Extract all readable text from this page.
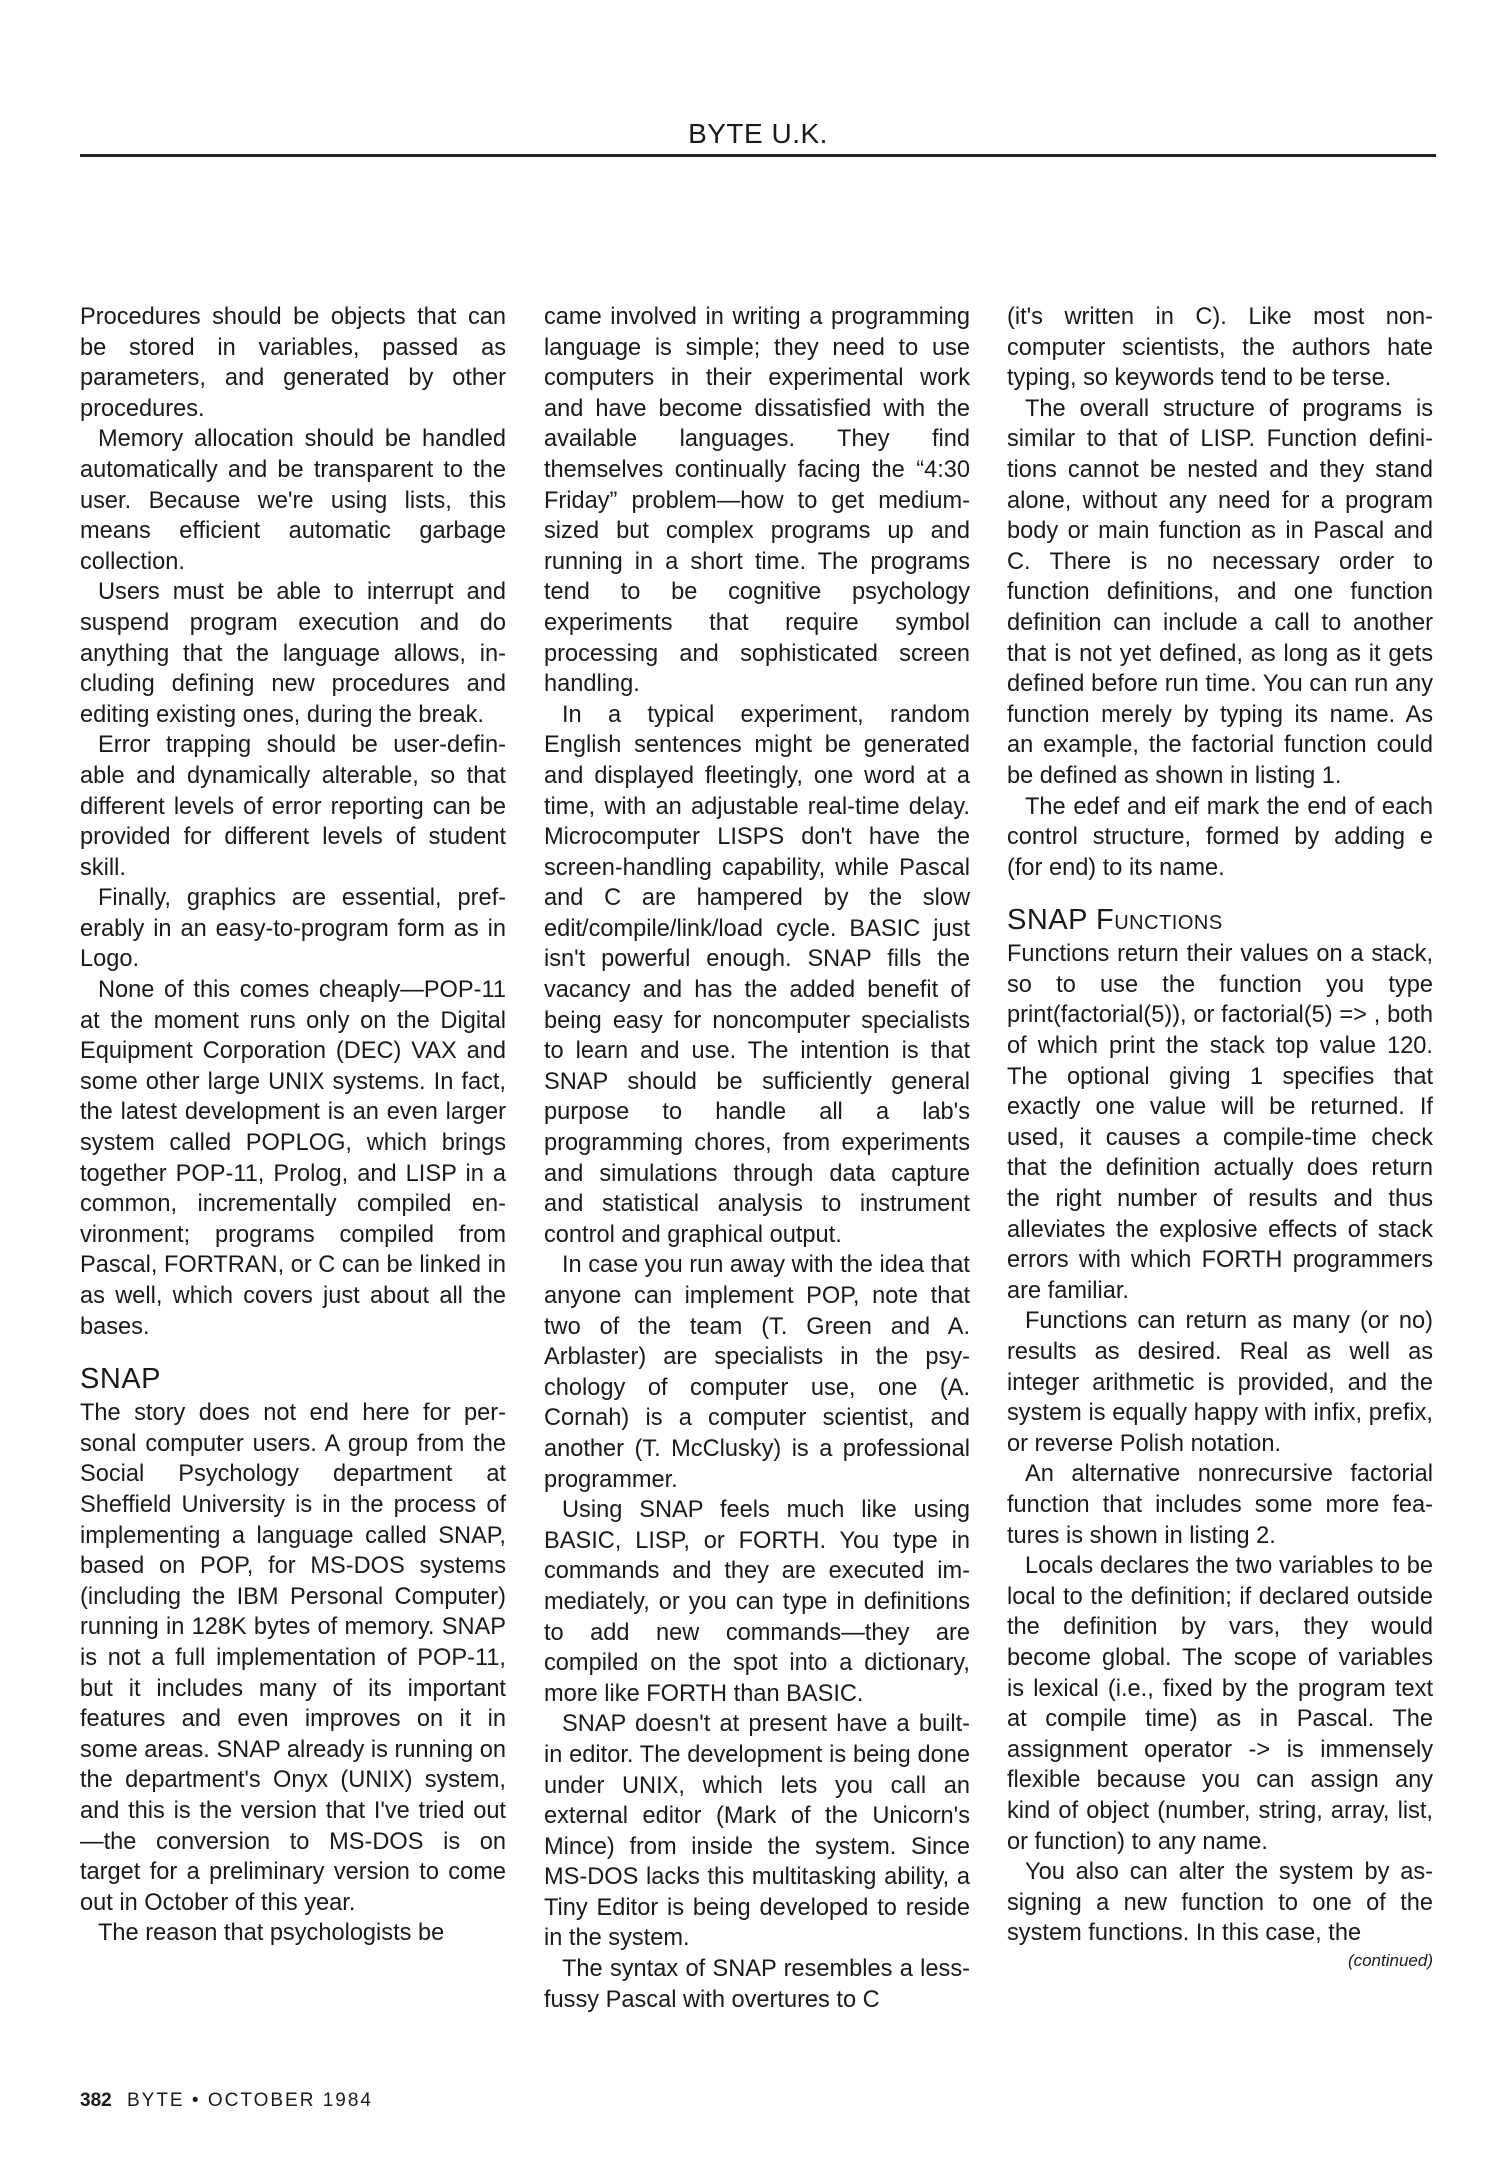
BYTE U.K.

Procedures should be objects that can be stored in variables, passed as parameters, and generated by other procedures.

Memory allocation should be handled automatically and be transparent to the user. Because we're using lists, this means efficient automatic garbage collection.

Users must be able to interrupt and suspend program execution and do anything that the language allows, including defining new procedures and editing existing ones, during the break.

Error trapping should be user-definable and dynamically alterable, so that different levels of error reporting can be provided for different levels of student skill.

Finally, graphics are essential, preferably in an easy-to-program form as in Logo.

None of this comes cheaply—POP-11 at the moment runs only on the Digital Equipment Corporation (DEC) VAX and some other large UNIX systems. In fact, the latest development is an even larger system called POPLOG, which brings together POP-11, Prolog, and LISP in a common, incrementally compiled environment; programs compiled from Pascal, FORTRAN, or C can be linked in as well, which covers just about all the bases.

SNAP

The story does not end here for personal computer users. A group from the Social Psychology department at Sheffield University is in the process of implementing a language called SNAP, based on POP, for MS-DOS systems (including the IBM Personal Computer) running in 128K bytes of memory. SNAP is not a full implementation of POP-11, but it includes many of its important features and even improves on it in some areas. SNAP already is running on the department's Onyx (UNIX) system, and this is the version that I've tried out—the conversion to MS-DOS is on target for a preliminary version to come out in October of this year.

The reason that psychologists be

came involved in writing a programming language is simple; they need to use computers in their experimental work and have become dissatisfied with the available languages. They find themselves continually facing the “4:30 Friday” problem—how to get medium-sized but complex programs up and running in a short time. The programs tend to be cognitive psychology experiments that require symbol processing and sophisticated screen handling.

In a typical experiment, random English sentences might be generated and displayed fleetingly, one word at a time, with an adjustable real-time delay. Microcomputer LISPS don't have the screen-handling capability, while Pascal and C are hampered by the slow edit/compile/link/load cycle. BASIC just isn't powerful enough. SNAP fills the vacancy and has the added benefit of being easy for noncomputer specialists to learn and use. The intention is that SNAP should be sufficiently general purpose to handle all a lab's programming chores, from experiments and simulations through data capture and statistical analysis to instrument control and graphical output.

In case you run away with the idea that anyone can implement POP, note that two of the team (T. Green and A. Arblaster) are specialists in the psychology of computer use, one (A. Cornah) is a computer scientist, and another (T. McClusky) is a professional programmer.

Using SNAP feels much like using BASIC, LISP, or FORTH. You type in commands and they are executed immediately, or you can type in definitions to add new commands—they are compiled on the spot into a dictionary, more like FORTH than BASIC.

SNAP doesn't at present have a built-in editor. The development is being done under UNIX, which lets you call an external editor (Mark of the Unicorn's Mince) from inside the system. Since MS-DOS lacks this multitasking ability, a Tiny Editor is being developed to reside in the system.

The syntax of SNAP resembles a less-fussy Pascal with overtures to C

(it's written in C). Like most noncomputer scientists, the authors hate typing, so keywords tend to be terse.

The overall structure of programs is similar to that of LISP. Function definitions cannot be nested and they stand alone, without any need for a program body or main function as in Pascal and C. There is no necessary order to function definitions, and one function definition can include a call to another that is not yet defined, as long as it gets defined before run time. You can run any function merely by typing its name. As an example, the factorial function could be defined as shown in listing 1.

The edef and eif mark the end of each control structure, formed by adding e (for end) to its name.

SNAP Functions

Functions return their values on a stack, so to use the function you type print(factorial(5)), or factorial(5) => , both of which print the stack top value 120. The optional giving 1 specifies that exactly one value will be returned. If used, it causes a compile-time check that the definition actually does return the right number of results and thus alleviates the explosive effects of stack errors with which FORTH programmers are familiar.

Functions can return as many (or no) results as desired. Real as well as integer arithmetic is provided, and the system is equally happy with infix, prefix, or reverse Polish notation.

An alternative nonrecursive factorial function that includes some more features is shown in listing 2.

Locals declares the two variables to be local to the definition; if declared outside the definition by vars, they would become global. The scope of variables is lexical (i.e., fixed by the program text at compile time) as in Pascal. The assignment operator -> is immensely flexible because you can assign any kind of object (number, string, array, list, or function) to any name.

You also can alter the system by assigning a new function to one of the system functions. In this case, the

(continued)
382 BYTE • OCTOBER 1984
